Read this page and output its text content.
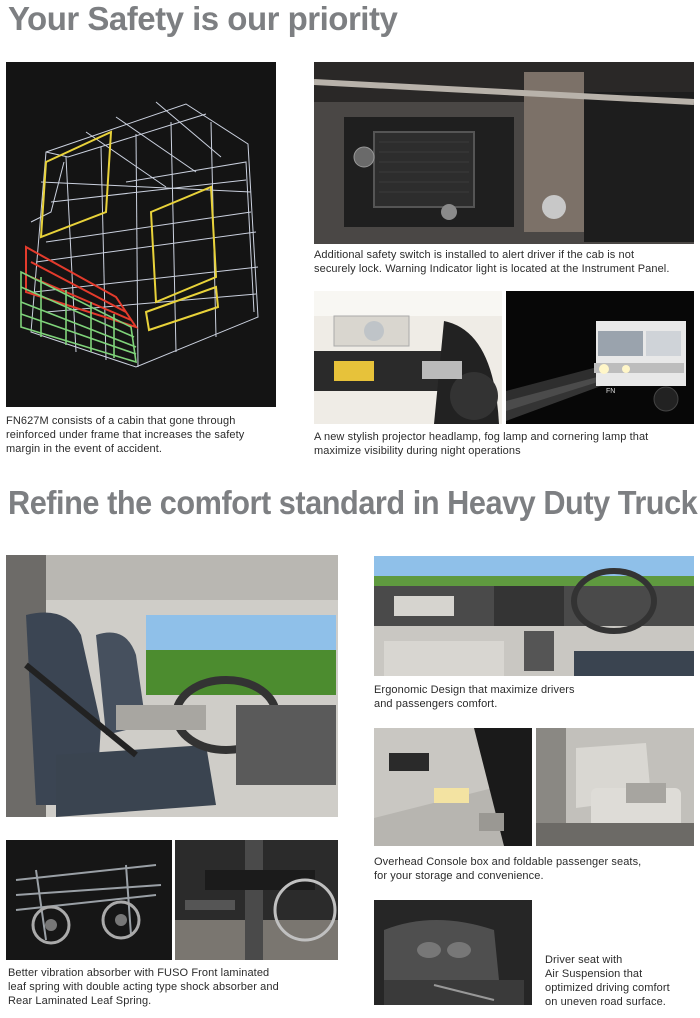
Your Safety is our priority
Refine the comfort standard in Heavy Duty Truck

FN627M consists of a cabin that gone through
reinforced under frame that increases the safety
margin in the event of accident.

Additional safety switch is installed to alert driver if the cab is not
securely lock. Warning Indicator light is located at the Instrument Panel.

FN

A new stylish projector headlamp, fog lamp and cornering lamp that
maximize visibility during night operations

Ergonomic Design that maximize drivers
and passengers comfort.

Overhead Console box and foldable passenger seats,
for your storage and convenience.

Better vibration absorber with FUSO Front laminated
leaf spring with double acting type shock absorber and
Rear Laminated Leaf Spring.

Driver seat with
Air Suspension that
optimized driving comfort
on uneven road surface.
